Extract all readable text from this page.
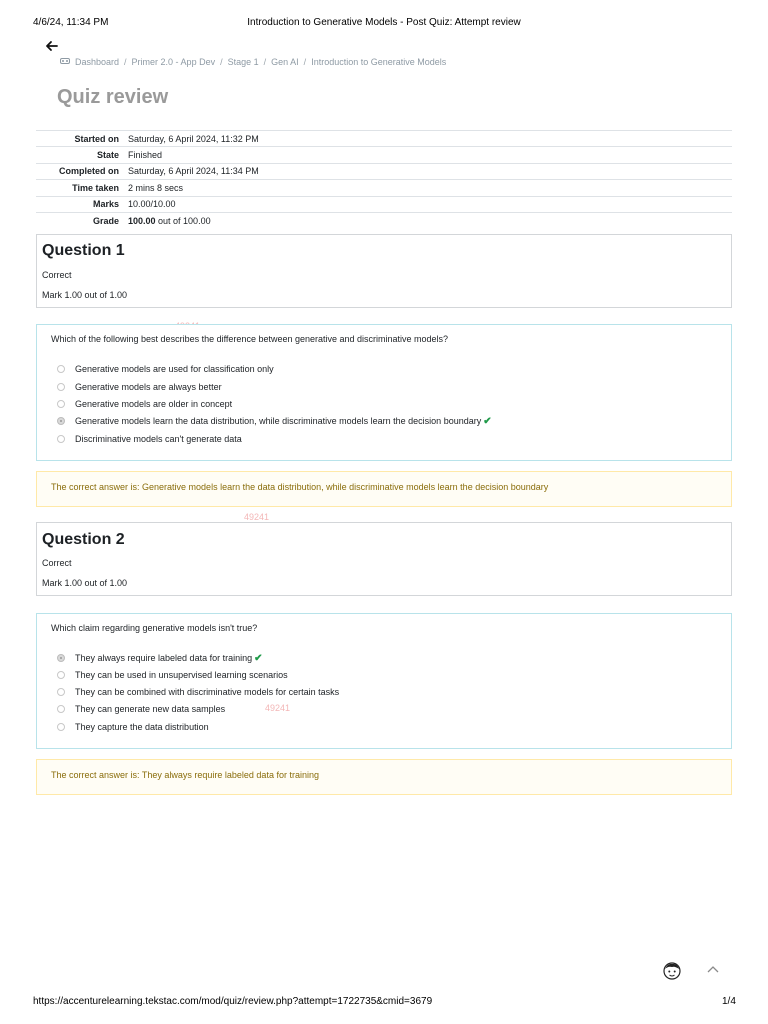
Introduction to Generative Models - Post Quiz: Attempt review
4/6/24, 11:34 PM
Dashboard / Primer 2.0 - App Dev / Stage 1 / Gen AI / Introduction to Generative Models
Quiz review
Started on	Saturday, 6 April 2024, 11:32 PM
State	Finished
Completed on	Saturday, 6 April 2024, 11:34 PM
Time taken	2 mins 8 secs
Marks	10.00/10.00
Grade	100.00 out of 100.00
Question 1
Correct
Mark 1.00 out of 1.00
Which of the following best describes the difference between generative and discriminative models?
Generative models are used for classification only
Generative models are always better
Generative models are older in concept
Generative models learn the data distribution, while discriminative models learn the decision boundary ✔
Discriminative models can't generate data
The correct answer is: Generative models learn the data distribution, while discriminative models learn the decision boundary
49241
Question 2
Correct
Mark 1.00 out of 1.00
Which claim regarding generative models isn't true?
They always require labeled data for training ✔
They can be used in unsupervised learning scenarios
They can be combined with discriminative models for certain tasks
They can generate new data samples
They capture the data distribution
49241
The correct answer is: They always require labeled data for training
https://accenturelearning.tekstac.com/mod/quiz/review.php?attempt=1722735&cmid=3679	1/4
